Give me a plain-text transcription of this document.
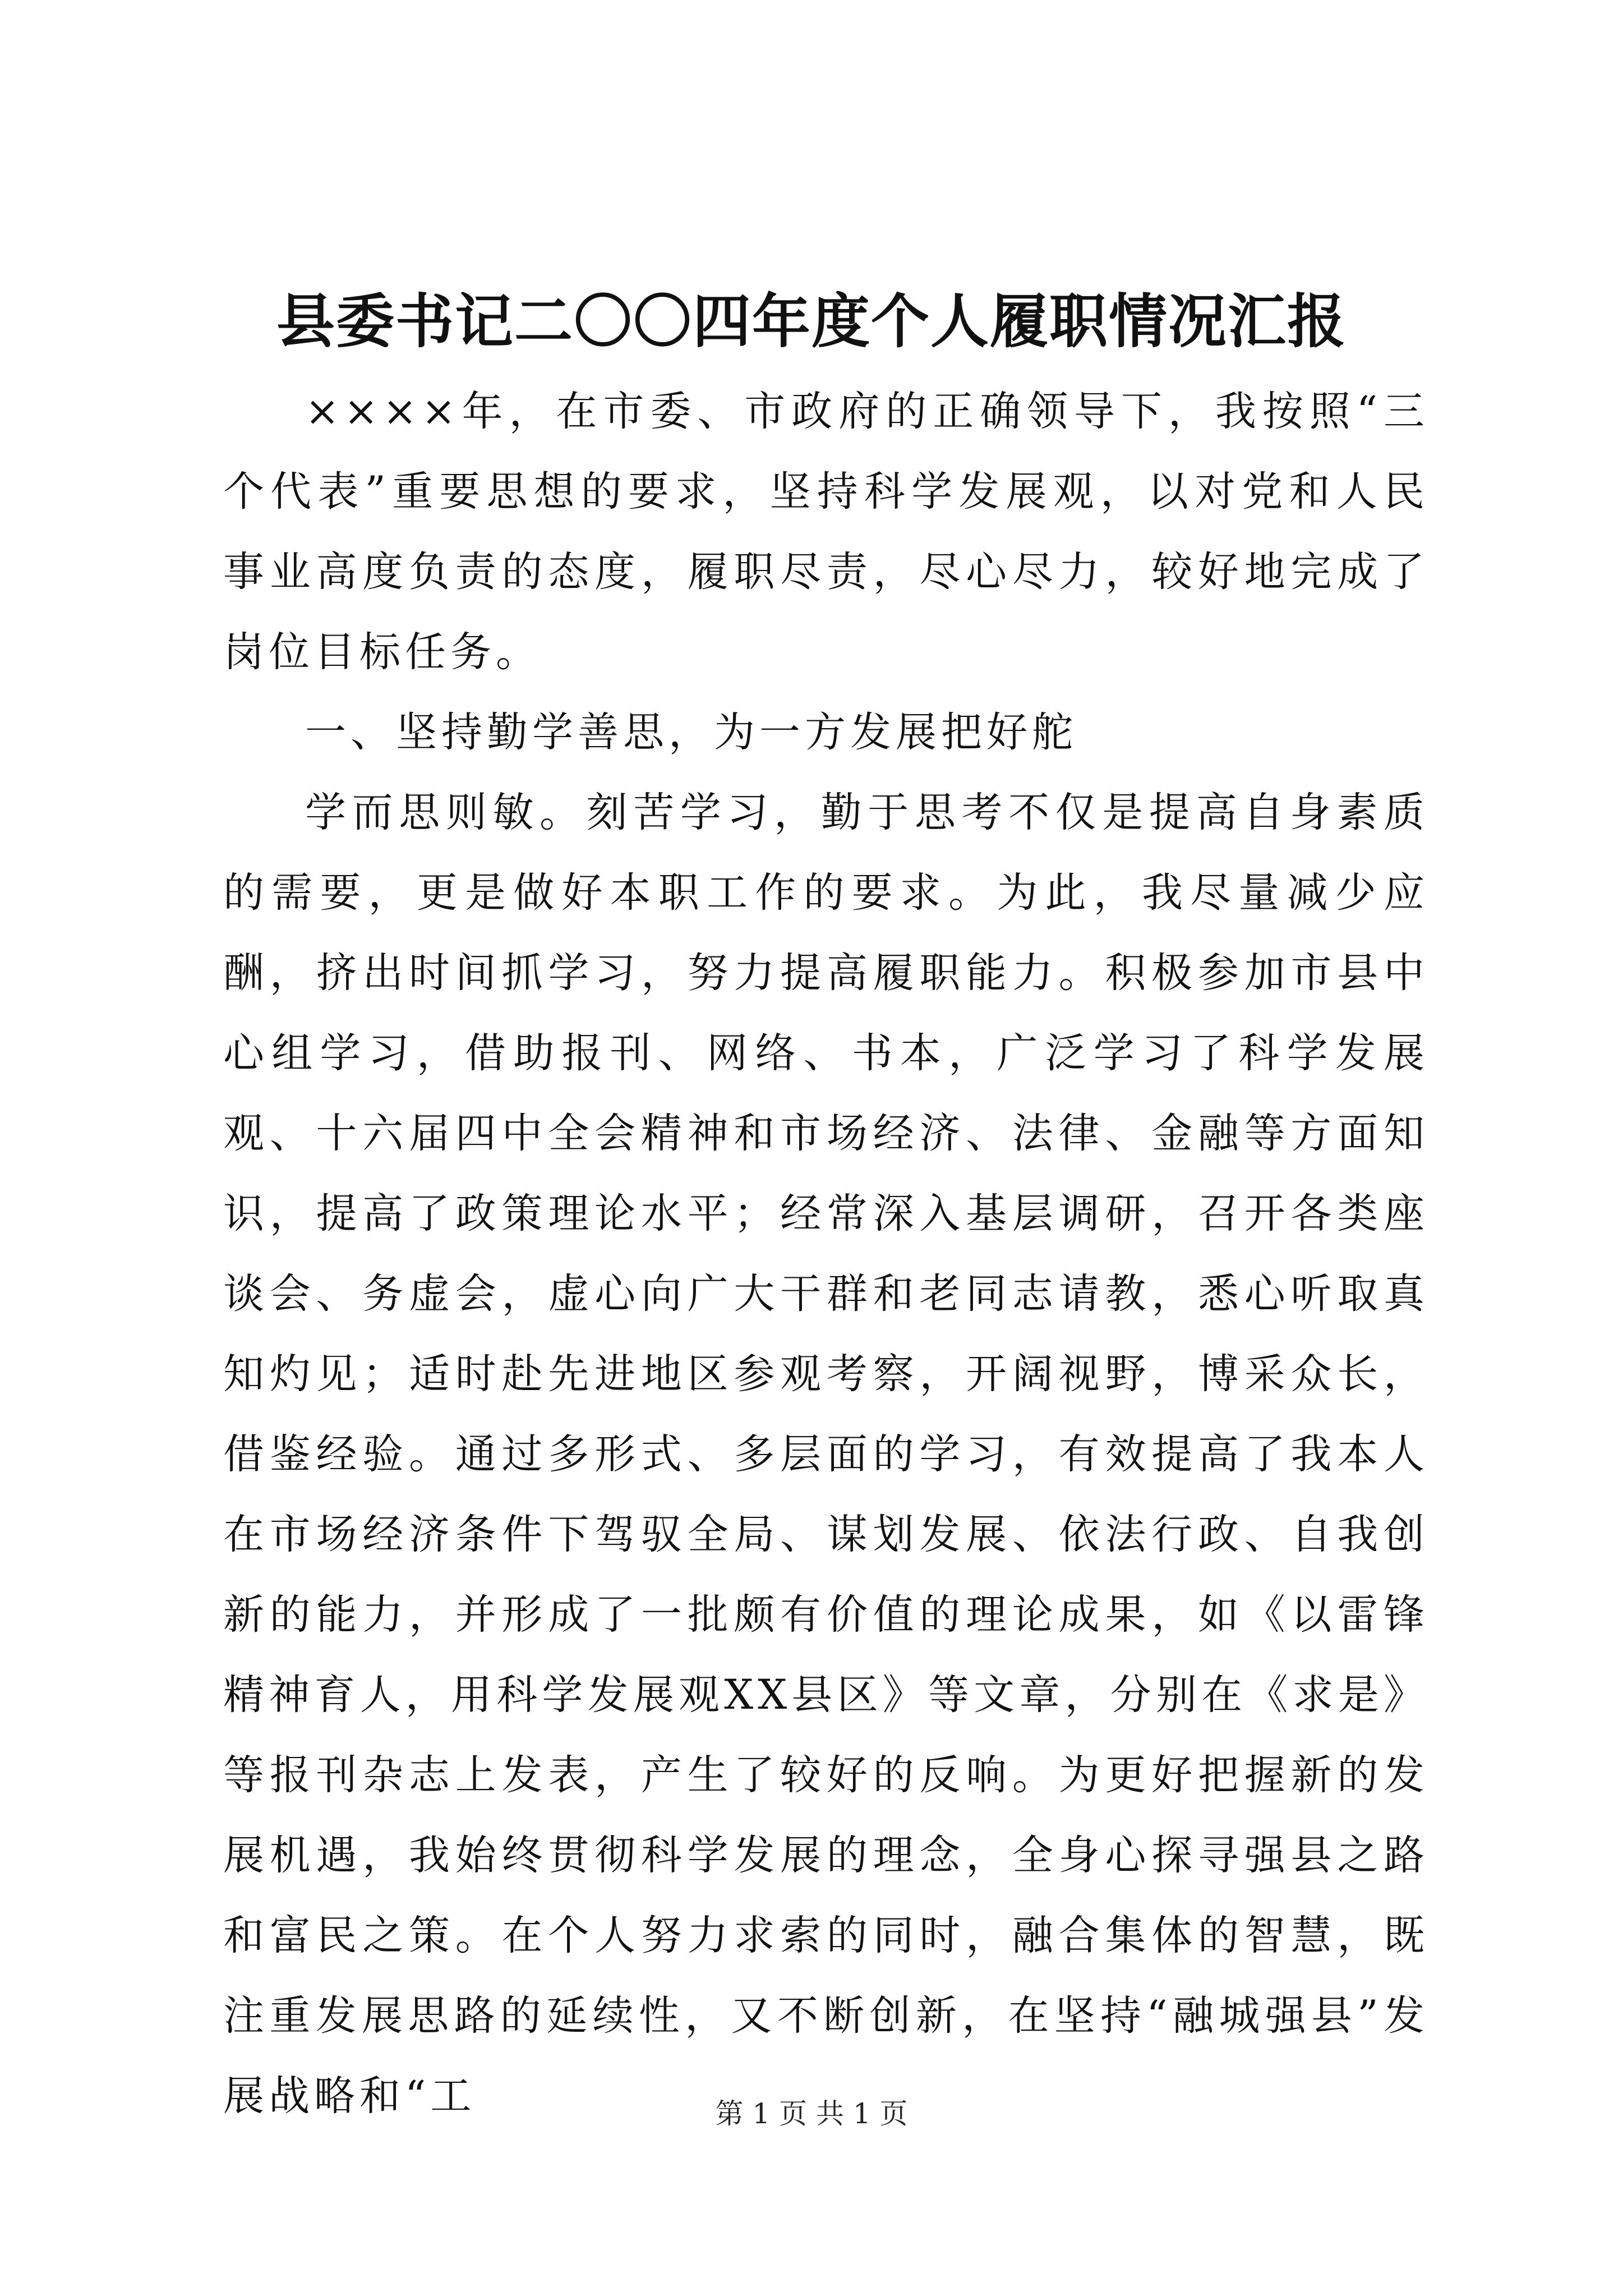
县委书记二〇〇四年度个人履职情况汇报

××××年，在市委、市政府的正确领导下，我按照“三个代表”重要思想的要求，坚持科学发展观，以对党和人民事业高度负责的态度，履职尽责，尽心尽力，较好地完成了岗位目标任务。

一、坚持勤学善思，为一方发展把好舵

学而思则敏。刻苦学习，勤于思考不仅是提高自身素质的需要，更是做好本职工作的要求。为此，我尽量减少应酬，挤出时间抓学习，努力提高履职能力。积极参加市县中心组学习，借助报刊、网络、书本，广泛学习了科学发展观、十六届四中全会精神和市场经济、法律、金融等方面知识，提高了政策理论水平；经常深入基层调研，召开各类座谈会、务虚会，虚心向广大干群和老同志请教，悉心听取真知灼见；适时赴先进地区参观考察，开阔视野，博采众长，借鉴经验。通过多形式、多层面的学习，有效提高了我本人在市场经济条件下驾驭全局、谋划发展、依法行政、自我创新的能力，并形成了一批颇有价值的理论成果，如《以雷锋精神育人，用科学发展观XX县区》等文章，分别在《求是》等报刊杂志上发表，产生了较好的反响。为更好把握新的发展机遇，我始终贯彻科学发展的理念，全身心探寻强县之路和富民之策。在个人努力求索的同时，融合集体的智慧，既注重发展思路的延续性，又不断创新，在坚持“融城强县”发展战略和“工	第 1 页 共 1 页
